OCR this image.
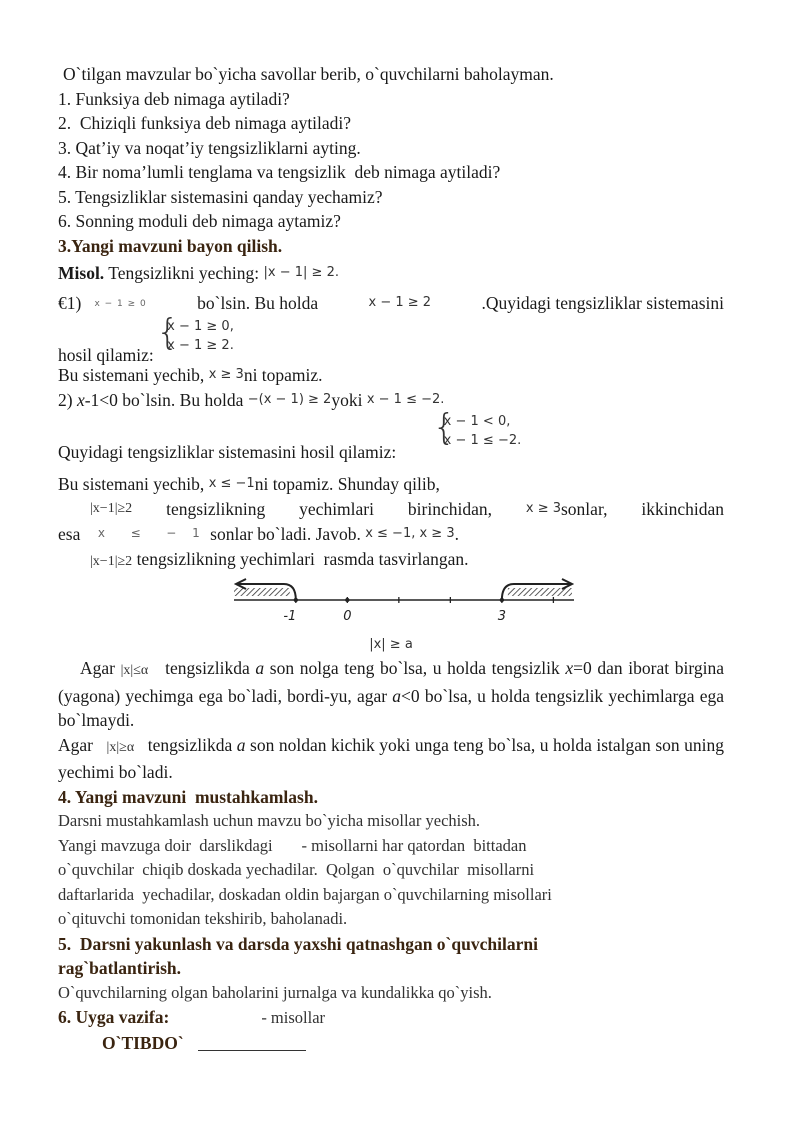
O`tilgan mavzular bo`yicha savollar berib, o`quvchilarni baholayman.
1. Funksiya deb nimaga aytiladi?
2.  Chiziqli funksiya deb nimaga aytiladi?
3. Qat’iy va noqat’iy tengsizliklarni ayting.
4. Bir noma’lumli tenglama va tengsizlik  deb nimaga aytiladi?
5. Tengsizliklar sistemasini qanday yechamiz?
6. Sonning moduli deb nimaga aytamiz?
3.Yangi mavzuni bayon qilish.
Misol. Tengsizlikni yeching: |x − 1| ≥ 2.
€1) x − 1 ≥ 0	bo`lsin. Bu holda	x − 1 ≥ 2	.Quyidagi tengsizliklar sistemasini
hosil qilamiz:
{
x − 1 ≥ 0,
x − 1 ≥ 2.
Bu sistemani yechib, x ≥ 3ni topamiz.
2) x-1<0 bo`lsin. Bu holda −(x − 1) ≥ 2yoki x − 1 ≤ −2.
Quyidagi tengsizliklar sistemasini hosil qilamiz:
{
x − 1 < 0,
x − 1 ≤ −2.
Bu sistemani yechib, x ≤ −1ni topamiz. Shunday qilib,
|x−1|≥2 tengsizlikning yechimlari birinchidan,	x ≥ 3sonlar, ikkinchidan
esa x  ≤  − 1 sonlar bo`ladi. Javob. x ≤ −1, x ≥ 3.
|x−1|≥2 tengsizlikning yechimlari  rasmda tasvirlangan.
-1	0	3
|x| ≥ a
Agar |x|≤α   tengsizlikda a son nolga teng bo`lsa, u holda tengsizlik x=0 dan iborat birgina (yagona) yechimga ega bo`ladi, bordi-yu, agar a<0 bo`lsa, u holda tengsizlik yechimlarga ega bo`lmaydi.
Agar   |x|≥α   tengsizlikda a son noldan kichik yoki unga teng bo`lsa, u holda istalgan son uning yechimi bo`ladi.
4. Yangi mavzuni  mustahkamlash.
Darsni mustahkamlash uchun mavzu bo`yicha misollar yechish.
Yangi mavzuga doir  darslikdagi       - misollarni har qatordan  bittadan
o`quvchilar  chiqib doskada yechadilar.  Qolgan  o`quvchilar  misollarni
daftarlarida  yechadilar, doskadan oldin bajargan o`quvchilarning misollari
o`qituvchi tomonidan tekshirib, baholanadi.
5.  Darsni yakunlash va darsda yaxshi qatnashgan o`quvchilarni
rag`batlantirish.
O`quvchilarning olgan baholarini jurnalga va kundalikka qo`yish.
6. Uyga vazifa:	- misollar
O`TIBDO`
